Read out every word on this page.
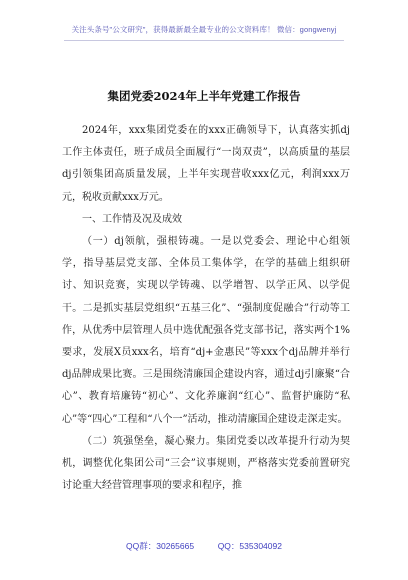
关注头条号"公文研究"，获得最新最全最专业的公文资料库！ 微信：gongwenyj
集团党委2024年上半年党建工作报告

2024年，xxx集团党委在的xxx正确领导下，认真落实抓dj工作主体责任，班子成员全面履行“一岗双责”，以高质量的基层dj引领集团高质量发展，上半年实现营收xxx亿元，利润xxx万元，税收贡献xxx万元。

一、工作情及况及成效

（一）dj领航，强根铸魂。一是以党委会、理论中心组领学，指导基层党支部、全体员工集体学，在学的基础上组织研讨、知识竞赛，实现以学铸魂、以学增智、以学正风、以学促干。二是抓实基层党组织“五基三化”、“强制度促融合”行动等工作，从优秀中层管理人员中选优配强各党支部书记，落实两个1%要求，发展X员xxx名，培育“dj+金惠民”等xxx个dj品牌并举行dj品牌成果比赛。三是围绕清廉国企建设内容，通过dj引廉聚“合心”、教育培廉铸“初心”、文化养廉润“红心”、监督护廉防“私心”等“四心”工程和“八个一”活动，推动清廉国企建设走深走实。

（二）筑强堡垒，凝心聚力。集团党委以改革提升行动为契机，调整优化集团公司“三会”议事规则，严格落实党委前置研究讨论重大经营管理事项的要求和程序，推

QQ群：30265665          QQ：535304092
